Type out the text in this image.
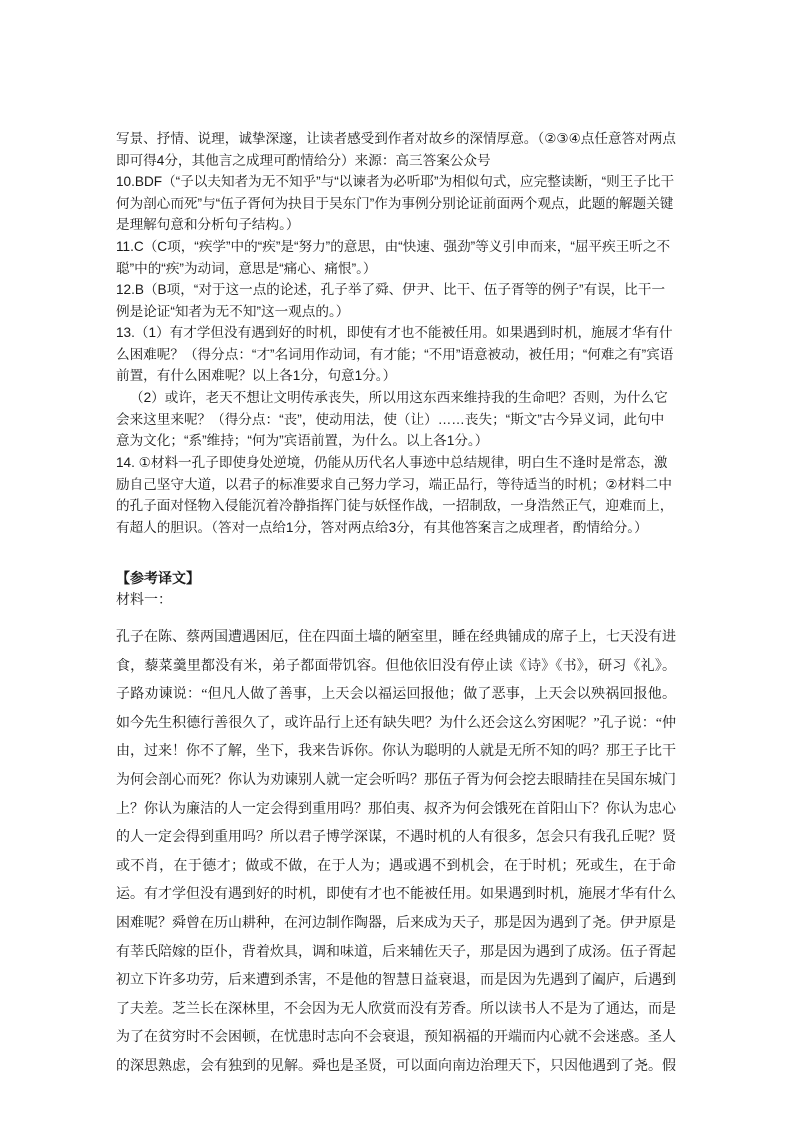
写景、抒情、说理，诚挚深邃，让读者感受到作者对故乡的深情厚意。（②③④点任意答对两点即可得4分，其他言之成理可酌情给分）来源：高三答案公众号

10.BDF（“子以夫知者为无不知乎”与“以谏者为必听耶”为相似句式，应完整读断，“则王子比干何为剖心而死”与“伍子胥何为抉目于吴东门”作为事例分别论证前面两个观点，此题的解题关键是理解句意和分析句子结构。）

11.C（C项，“疾学”中的“疾”是“努力”的意思，由“快速、强劲”等义引申而来，“屈平疾王听之不聪”中的“疾”为动词，意思是“痛心、痛恨”。）

12.B（B项，“对于这一点的论述，孔子举了舜、伊尹、比干、伍子胥等的例子”有误，比干一例是论证“知者为无不知”这一观点的。）

13.（1）有才学但没有遇到好的时机，即使有才也不能被任用。如果遇到时机，施展才华有什么困难呢？（得分点：“才”名词用作动词，有才能；“不用”语意被动，被任用；“何难之有”宾语前置，有什么困难呢？以上各1分，句意1分。）

（2）或许，老天不想让文明传承丧失，所以用这东西来维持我的生命吧？否则，为什么它会来这里来呢？（得分点：“丧”，使动用法，使（让）……丧失；“斯文”古今异义词，此句中意为文化；“系”维持；“何为”宾语前置，为什么。以上各1分。）

14. ①材料一孔子即使身处逆境，仍能从历代名人事迹中总结规律，明白生不逢时是常态，激励自己坚守大道，以君子的标准要求自己努力学习，端正品行，等待适当的时机；②材料二中的孔子面对怪物入侵能沉着冷静指挥门徒与妖怪作战，一招制敌，一身浩然正气，迎难而上，有超人的胆识。（答对一点给1分，答对两点给3分，有其他答案言之成理者，酌情给分。）

【参考译文】

材料一：

孔子在陈、蔡两国遭遇困厄，住在四面土墙的陋室里，睡在经典铺成的席子上，七天没有进食，藜菜羹里都没有米，弟子都面带饥容。但他依旧没有停止读《诗》《书》，研习《礼》。子路劝谏说：“但凡人做了善事，上天会以福运回报他；做了恶事，上天会以殃祸回报他。如今先生积德行善很久了，或许品行上还有缺失吧？为什么还会这么穷困呢？”孔子说：“仲由，过来！你不了解，坐下，我来告诉你。你认为聪明的人就是无所不知的吗？那王子比干为何会剖心而死？你认为劝谏别人就一定会听吗？那伍子胥为何会挖去眼睛挂在吴国东城门上？你认为廉洁的人一定会得到重用吗？那伯夷、叔齐为何会饿死在首阳山下？你认为忠心的人一定会得到重用吗？所以君子博学深谋，不遇时机的人有很多，怎会只有我孔丘呢？贤或不肖，在于德才；做或不做，在于人为；遇或遇不到机会，在于时机；死或生，在于命运。有才学但没有遇到好的时机，即使有才也不能被任用。如果遇到时机，施展才华有什么困难呢？舜曾在历山耕种，在河边制作陶器，后来成为天子，那是因为遇到了尧。伊尹原是有莘氏陪嫁的臣仆，背着炊具，调和味道，后来辅佐天子，那是因为遇到了成汤。伍子胥起初立下许多功劳，后来遭到杀害，不是他的智慧日益衰退，而是因为先遇到了阖庐，后遇到了夫差。芝兰长在深林里，不会因为无人欣赏而没有芳香。所以读书人不是为了通达，而是为了在贫穷时不会困顿，在忧患时志向不会衰退，预知祸福的开端而内心就不会迷惑。圣人的深思熟虑，会有独到的见解。舜也是圣贤，可以面向南边治理天下，只因他遇到了尧。假
